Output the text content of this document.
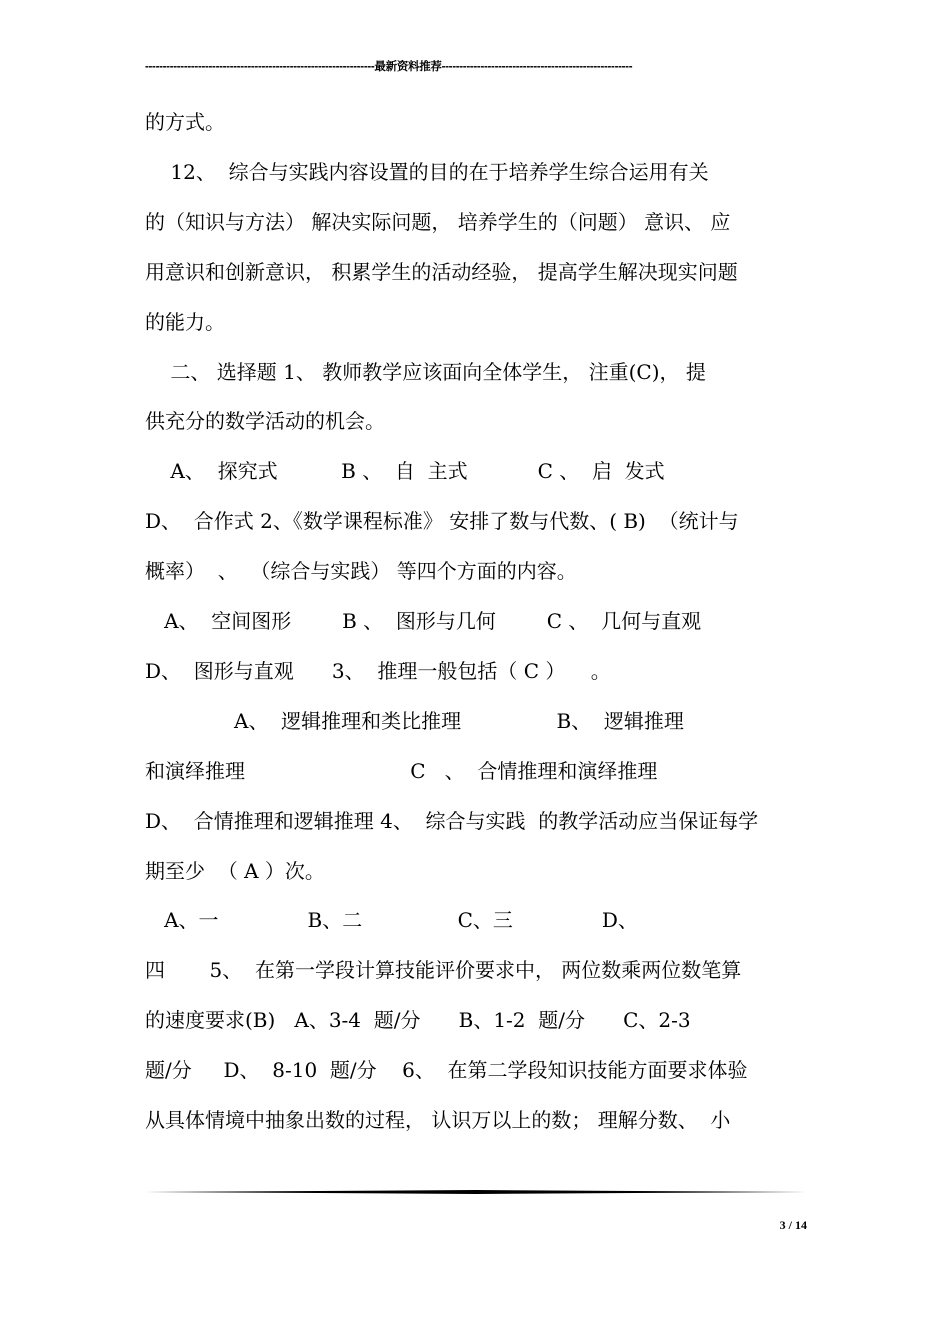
-----------------------------------------------------------------最新资料推荐------------------------------------------------------
的方式。
12、  综合与实践内容设置的目的在于培养学生综合运用有关
的（知识与方法） 解决实际问题， 培养学生的（问题） 意识、 应
用意识和创新意识， 积累学生的活动经验， 提高学生解决现实问题
的能力。
二、 选择题 1、 教师教学应该面向全体学生， 注重(C)， 提
供充分的数学活动的机会。
A、  探究式          B 、  自  主式           C 、  启  发式
D、  合作式 2、《数学课程标准》 安排了数与代数、( B)  （统计与
概率）  、  （综合与实践） 等四个方面的内容。
A、  空间图形        B 、  图形与几何        C 、  几何与直观
D、  图形与直观      3、  推理一般包括（ C ）    。
A、  逻辑推理和类比推理               B、  逻辑推理
和演绎推理                          C   、  合情推理和演绎推理
D、  合情推理和逻辑推理 4、  综合与实践  的教学活动应当保证每学
期至少  （ A ）次。
A、一              B、二               C、三              D、
四       5、  在第一学段计算技能评价要求中， 两位数乘两位数笔算
的速度要求(B)   A、3-4  题/分      B、1-2  题/分      C、2-3
题/分     D、  8-10  题/分    6、  在第二学段知识技能方面要求体验
从具体情境中抽象出数的过程， 认识万以上的数； 理解分数、  小
3 / 14
